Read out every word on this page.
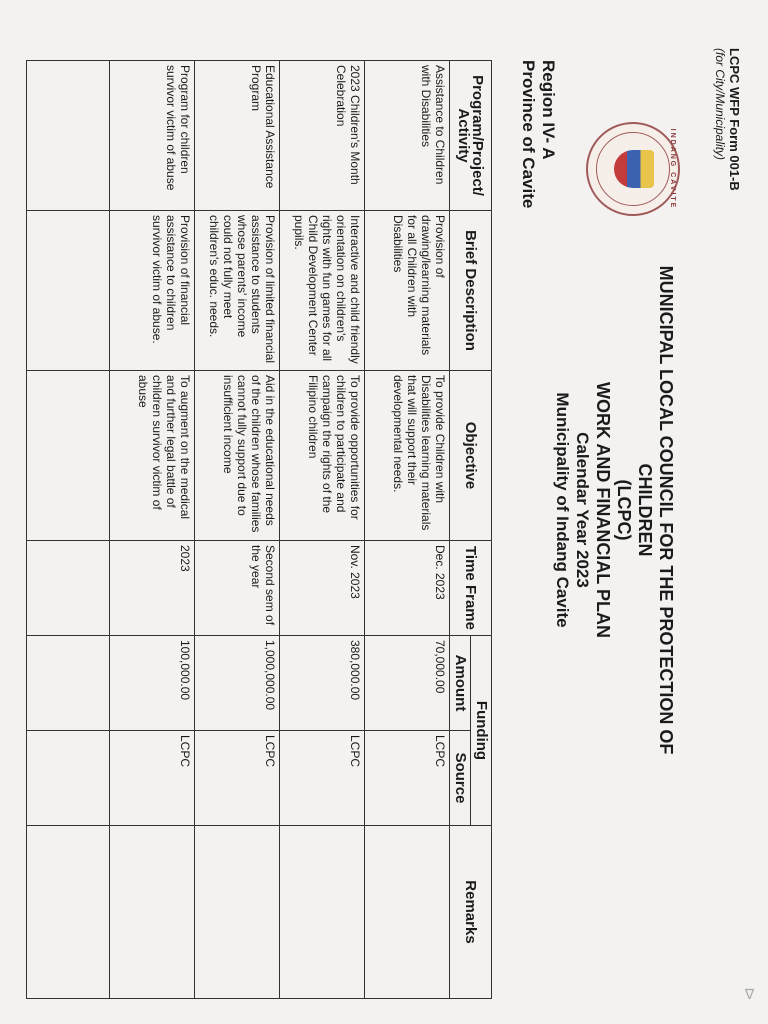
∇
LCPC WFP Form 001-B
(for City/Municipality)
INDANG CAVITE
MUNICIPAL LOCAL COUNCIL FOR THE PROTECTION OF CHILDREN
(LCPC)
WORK AND FINANCIAL PLAN
Calendar Year 2023
Municipality of Indang Cavite
Region IV- A
Province of Cavite
Program/Project/ Activity	Brief Description	Objective	Time Frame	Funding		Remarks
				Amount	Source	
Assistance to Children with Disabilities	Provision of drawing/learning materials for all Children with Disabilities	To provide Children with Disabilities learning materials that will support their developmental needs.	Dec. 2023	70,000.00	LCPC	
2023 Children's Month Celebration	Interactive and child friendly orientation on children's rights with fun games for all Child Development Center pupils.	To provide opportunities for children to participate and campaign the rights of the Filipino children	Nov. 2023	380,000.00	LCPC	
Educational Assistance Program	Provision of limited financial assistance to students whose parents' income could not fully meet children's educ. needs.	Aid in the educational needs of the children whose families cannot fully support due to insufficient income	Second sem of the year	1,000,000.00	LCPC	
Program for children survivor victim of abuse	Provision of financial assistance to children survivor victim of abuse.	To augment on the medical and further legal battle of children survivor victim of abuse	2023	100,000.00	LCPC	
